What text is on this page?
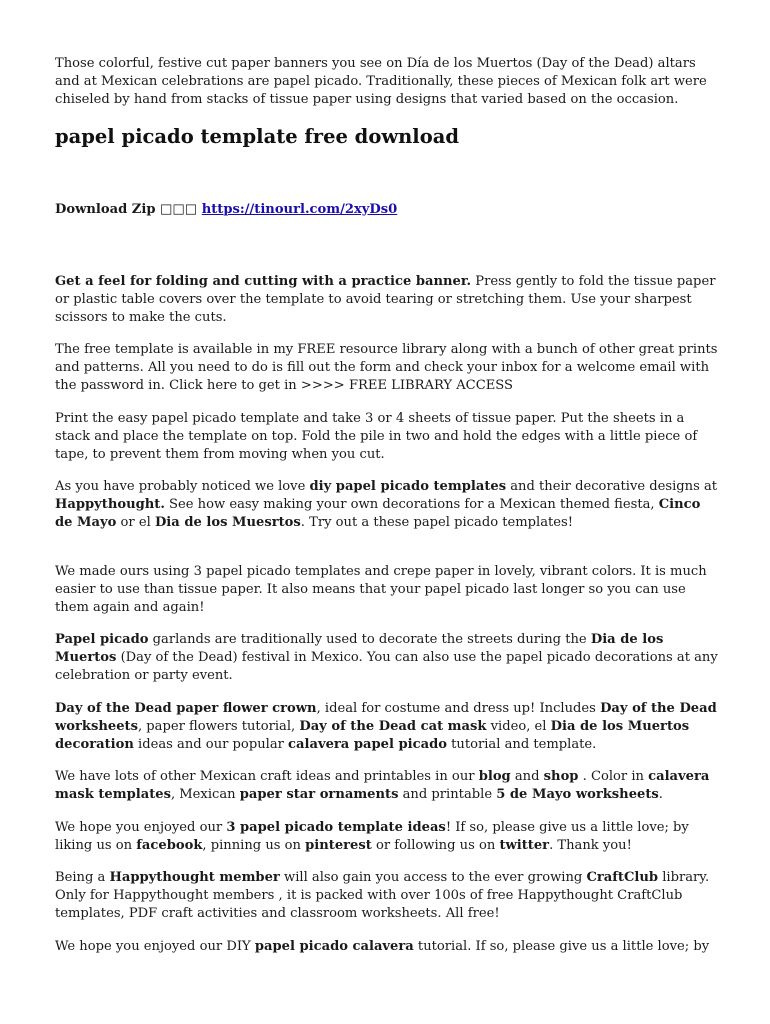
Those colorful, festive cut paper banners you see on Día de los Muertos (Day of the Dead) altars and at Mexican celebrations are papel picado. Traditionally, these pieces of Mexican folk art were chiseled by hand from stacks of tissue paper using designs that varied based on the occasion.

papel picado template free download
Download Zip □□□ https://tinourl.com/2xyDs0

Get a feel for folding and cutting with a practice banner. Press gently to fold the tissue paper or plastic table covers over the template to avoid tearing or stretching them. Use your sharpest scissors to make the cuts.

The free template is available in my FREE resource library along with a bunch of other great prints and patterns. All you need to do is fill out the form and check your inbox for a welcome email with the password in. Click here to get in >>>> FREE LIBRARY ACCESS

Print the easy papel picado template and take 3 or 4 sheets of tissue paper. Put the sheets in a stack and place the template on top. Fold the pile in two and hold the edges with a little piece of tape, to prevent them from moving when you cut.

As you have probably noticed we love diy papel picado templates and their decorative designs at Happythought. See how easy making your own decorations for a Mexican themed fiesta, Cinco de Mayo or el Dia de los Muesrtos. Try out a these papel picado templates!

We made ours using 3 papel picado templates and crepe paper in lovely, vibrant colors. It is much easier to use than tissue paper. It also means that your papel picado last longer so you can use them again and again!

Papel picado garlands are traditionally used to decorate the streets during the Dia de los Muertos (Day of the Dead) festival in Mexico. You can also use the papel picado decorations at any celebration or party event.

Day of the Dead paper flower crown, ideal for costume and dress up! Includes Day of the Dead worksheets, paper flowers tutorial, Day of the Dead cat mask video, el Dia de los Muertos decoration ideas and our popular calavera papel picado tutorial and template.

We have lots of other Mexican craft ideas and printables in our blog and shop . Color in calavera mask templates, Mexican paper star ornaments and printable 5 de Mayo worksheets.

We hope you enjoyed our 3 papel picado template ideas! If so, please give us a little love; by liking us on facebook, pinning us on pinterest or following us on twitter. Thank you!

Being a Happythought member will also gain you access to the ever growing CraftClub library. Only for Happythought members , it is packed with over 100s of free Happythought CraftClub templates, PDF craft activities and classroom worksheets. All free!

We hope you enjoyed our DIY papel picado calavera tutorial. If so, please give us a little love; by
